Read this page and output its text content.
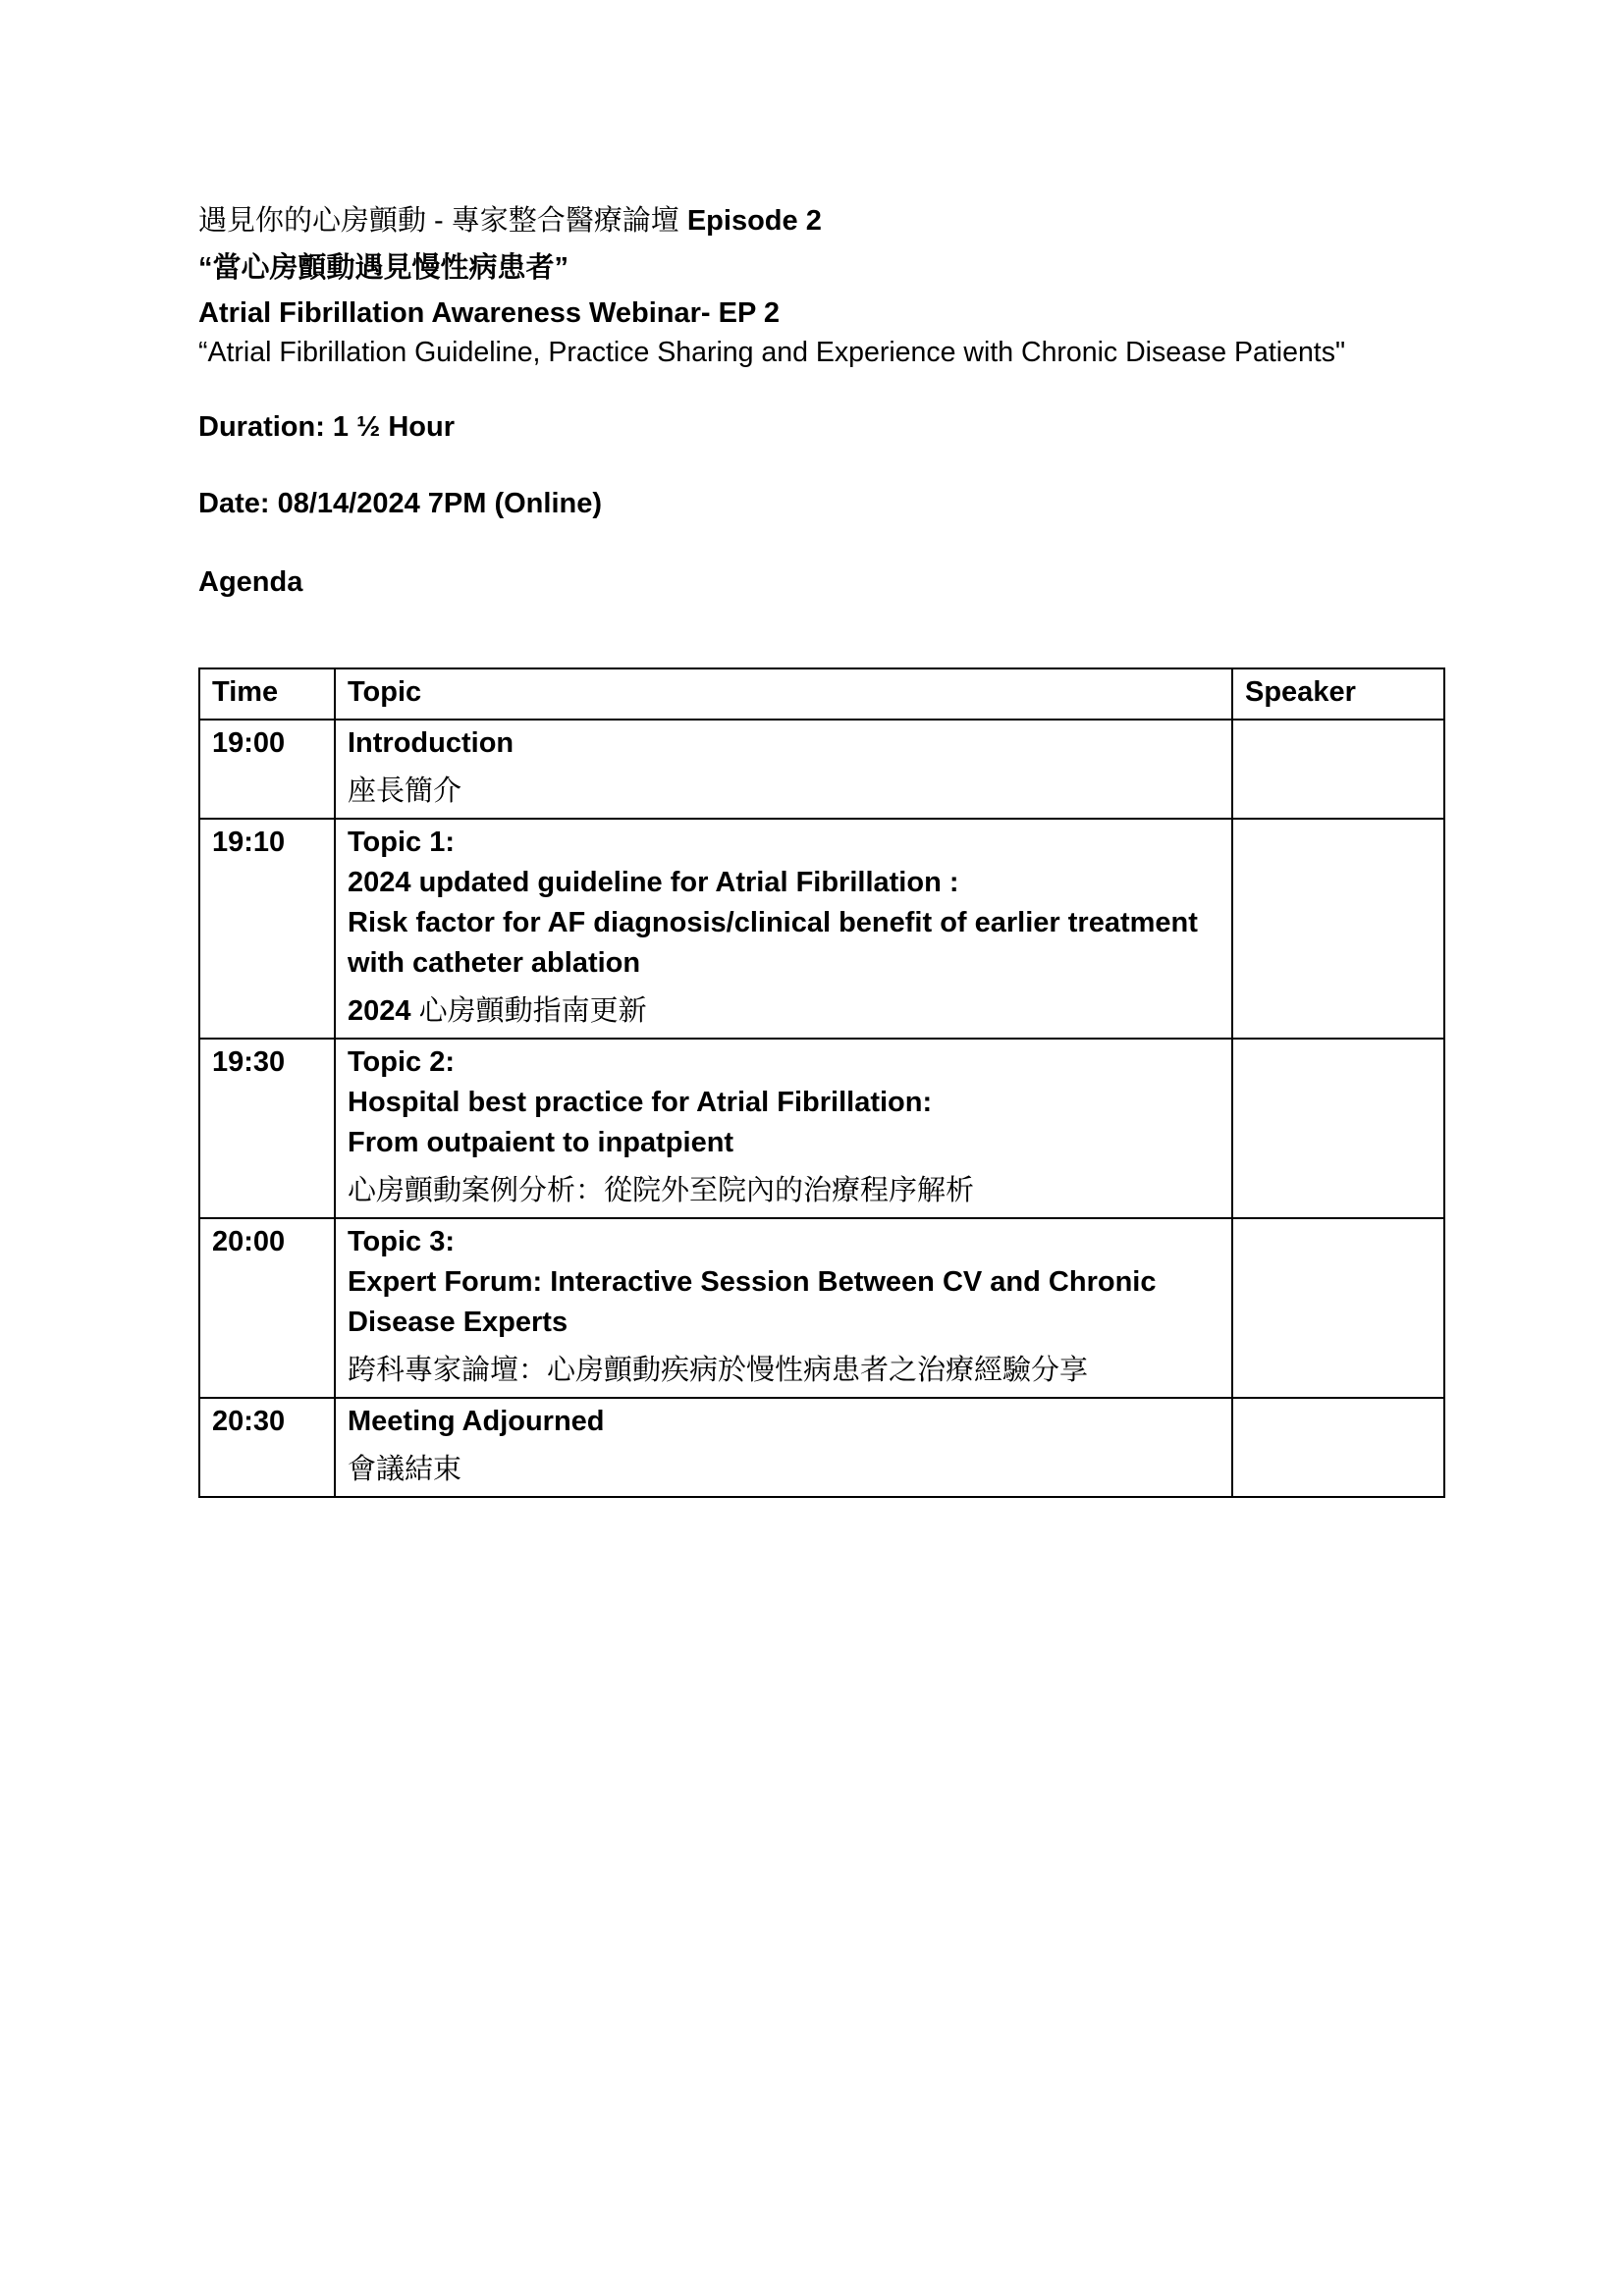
遇見你的心房顫動 - 專家整合醫療論壇 Episode 2
“當心房顫動遇見慢性病患者”
Atrial Fibrillation Awareness Webinar- EP 2
“Atrial Fibrillation Guideline, Practice Sharing and Experience with Chronic Disease Patients"
Duration: 1 ½ Hour
Date: 08/14/2024 7PM (Online)
Agenda
Time	Topic	Speaker
19:00	Introduction
座長簡介	

19:10	Topic 1:
2024 updated guideline for Atrial Fibrillation :
Risk factor for AF diagnosis/clinical benefit of earlier treatment with catheter ablation
2024 心房顫動指南更新	

19:30	Topic 2:
Hospital best practice for Atrial Fibrillation:
From outpaient to inpatpient
心房顫動案例分析：從院外至院內的治療程序解析	

20:00	Topic 3:
Expert Forum: Interactive Session Between CV and Chronic Disease Experts
跨科專家論壇：心房顫動疾病於慢性病患者之治療經驗分享	

20:30	Meeting Adjourned
會議結束	
